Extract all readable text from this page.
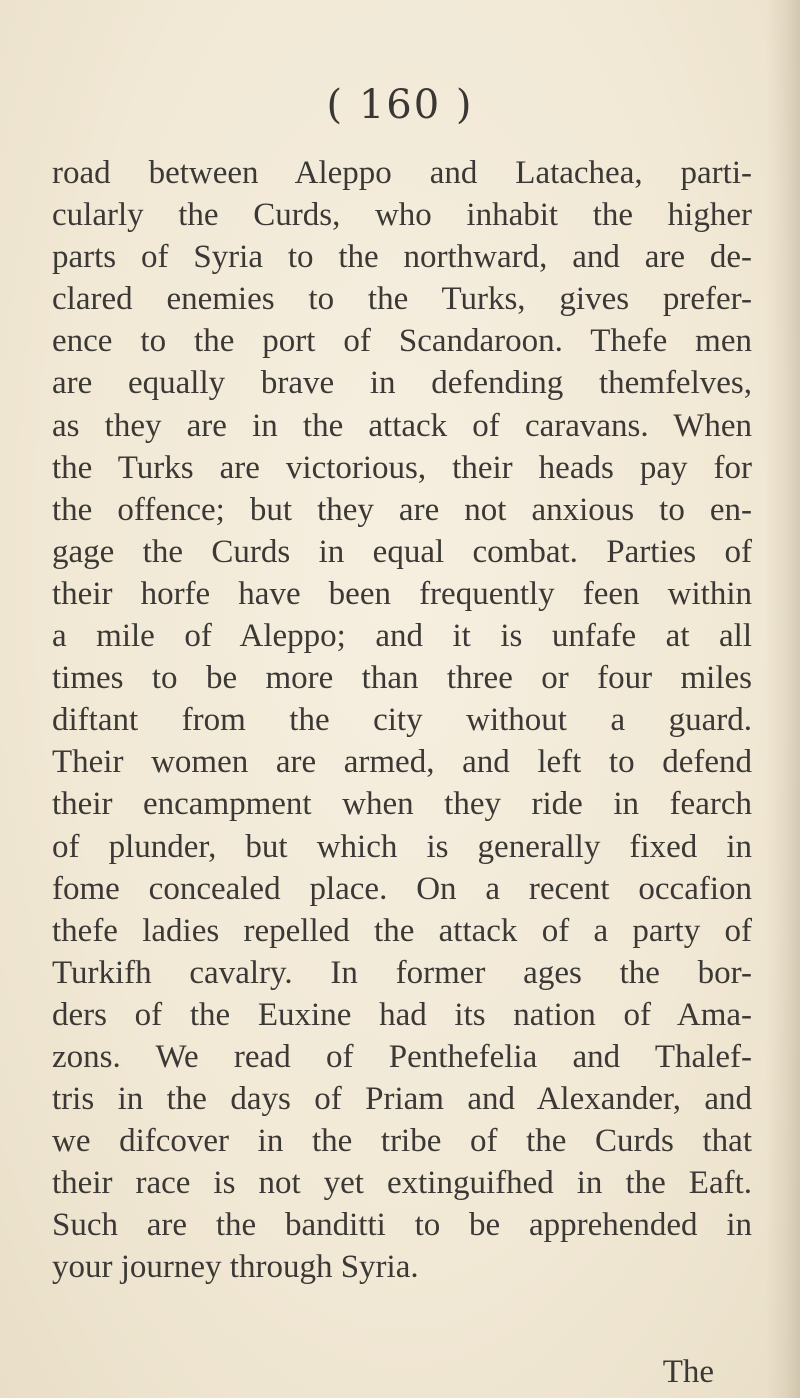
( 160 )
road between Aleppo and Latachea, parti-
cularly the Curds, who inhabit the higher
parts of Syria to the northward, and are de-
clared enemies to the Turks, gives prefer-
ence to the port of Scandaroon. Thefe men
are equally brave in defending themfelves,
as they are in the attack of caravans. When
the Turks are victorious, their heads pay for
the offence; but they are not anxious to en-
gage the Curds in equal combat. Parties of
their horfe have been frequently feen within
a mile of Aleppo; and it is unfafe at all
times to be more than three or four miles
diftant from the city without a guard.
Their women are armed, and left to defend
their encampment when they ride in fearch
of plunder, but which is generally fixed in
fome concealed place. On a recent occafion
thefe ladies repelled the attack of a party of
Turkifh cavalry. In former ages the bor-
ders of the Euxine had its nation of Ama-
zons. We read of Penthefelia and Thalef-
tris in the days of Priam and Alexander, and
we difcover in the tribe of the Curds that
their race is not yet extinguifhed in the Eaft.
Such are the banditti to be apprehended in
your journey through Syria.
The
